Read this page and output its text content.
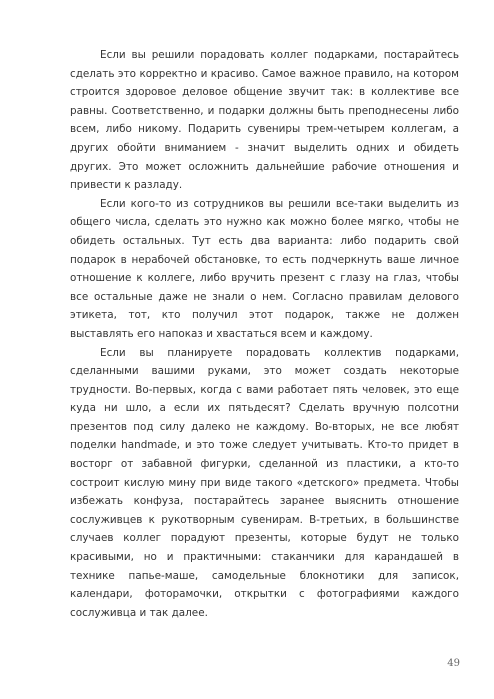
Если вы решили порадовать коллег подарками, постарайтесь сделать это корректно и красиво. Самое важное правило, на котором строится здоровое деловое общение звучит так: в коллективе все равны. Соответственно, и подарки должны быть преподнесены либо всем, либо никому. Подарить сувениры трем-четырем коллегам, а других обойти вниманием - значит выделить одних и обидеть других. Это может осложнить дальнейшие рабочие отношения и привести к разладу.

Если кого-то из сотрудников вы решили все-таки выделить из общего числа, сделать это нужно как можно более мягко, чтобы не обидеть остальных. Тут есть два варианта: либо подарить свой подарок в нерабочей обстановке, то есть подчеркнуть ваше личное отношение к коллеге, либо вручить презент с глазу на глаз, чтобы все остальные даже не знали о нем. Согласно правилам делового этикета, тот, кто получил этот подарок, также не должен выставлять его напоказ и хвастаться всем и каждому.

Если вы планируете порадовать коллектив подарками, сделанными вашими руками, это может создать некоторые трудности. Во-первых, когда с вами работает пять человек, это еще куда ни шло, а если их пятьдесят? Сделать вручную полсотни презентов под силу далеко не каждому. Во-вторых, не все любят поделки handmade, и это тоже следует учитывать. Кто-то придет в восторг от забавной фигурки, сделанной из пластики, а кто-то состроит кислую мину при виде такого «детского» предмета. Чтобы избежать конфуза, постарайтесь заранее выяснить отношение сослуживцев к рукотворным сувенирам. В-третьих, в большинстве случаев коллег порадуют презенты, которые будут не только красивыми, но и практичными: стаканчики для карандашей в технике папье-маше, самодельные блокнотики для записок, календари, фоторамочки, открытки с фотографиями каждого сослуживца и так далее.

49
